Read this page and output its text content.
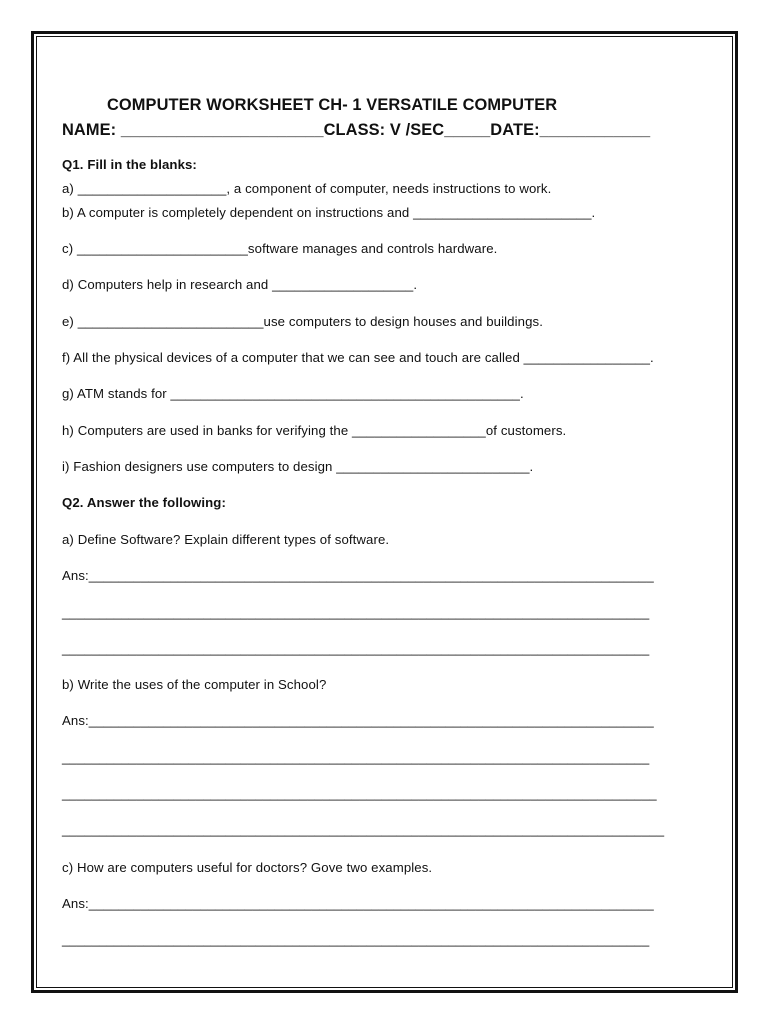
COMPUTER WORKSHEET CH- 1 VERSATILE COMPUTER
NAME: ______________________CLASS: V /SEC_____DATE:____________
Q1. Fill in the blanks:
a) ____________________, a component of computer, needs instructions to work.
b) A computer is completely dependent on instructions and ________________________.
c) _______________________software manages and controls hardware.
d) Computers help in research and ___________________.
e) _________________________use computers to design houses and buildings.
f) All the physical devices of a computer that we can see and touch are called _________________.
g) ATM stands for _______________________________________________.
h) Computers are used in banks for verifying the __________________of customers.
i) Fashion designers use computers to design __________________________.
Q2. Answer the following:
a) Define Software? Explain different types of software.
Ans:____________________________________________________________________________
_______________________________________________________________________________
_______________________________________________________________________________
b) Write the uses of the computer in School?
Ans:____________________________________________________________________________
_______________________________________________________________________________
________________________________________________________________________________
_________________________________________________________________________________
c) How are computers useful for doctors? Gove two examples.
Ans:____________________________________________________________________________
_______________________________________________________________________________
